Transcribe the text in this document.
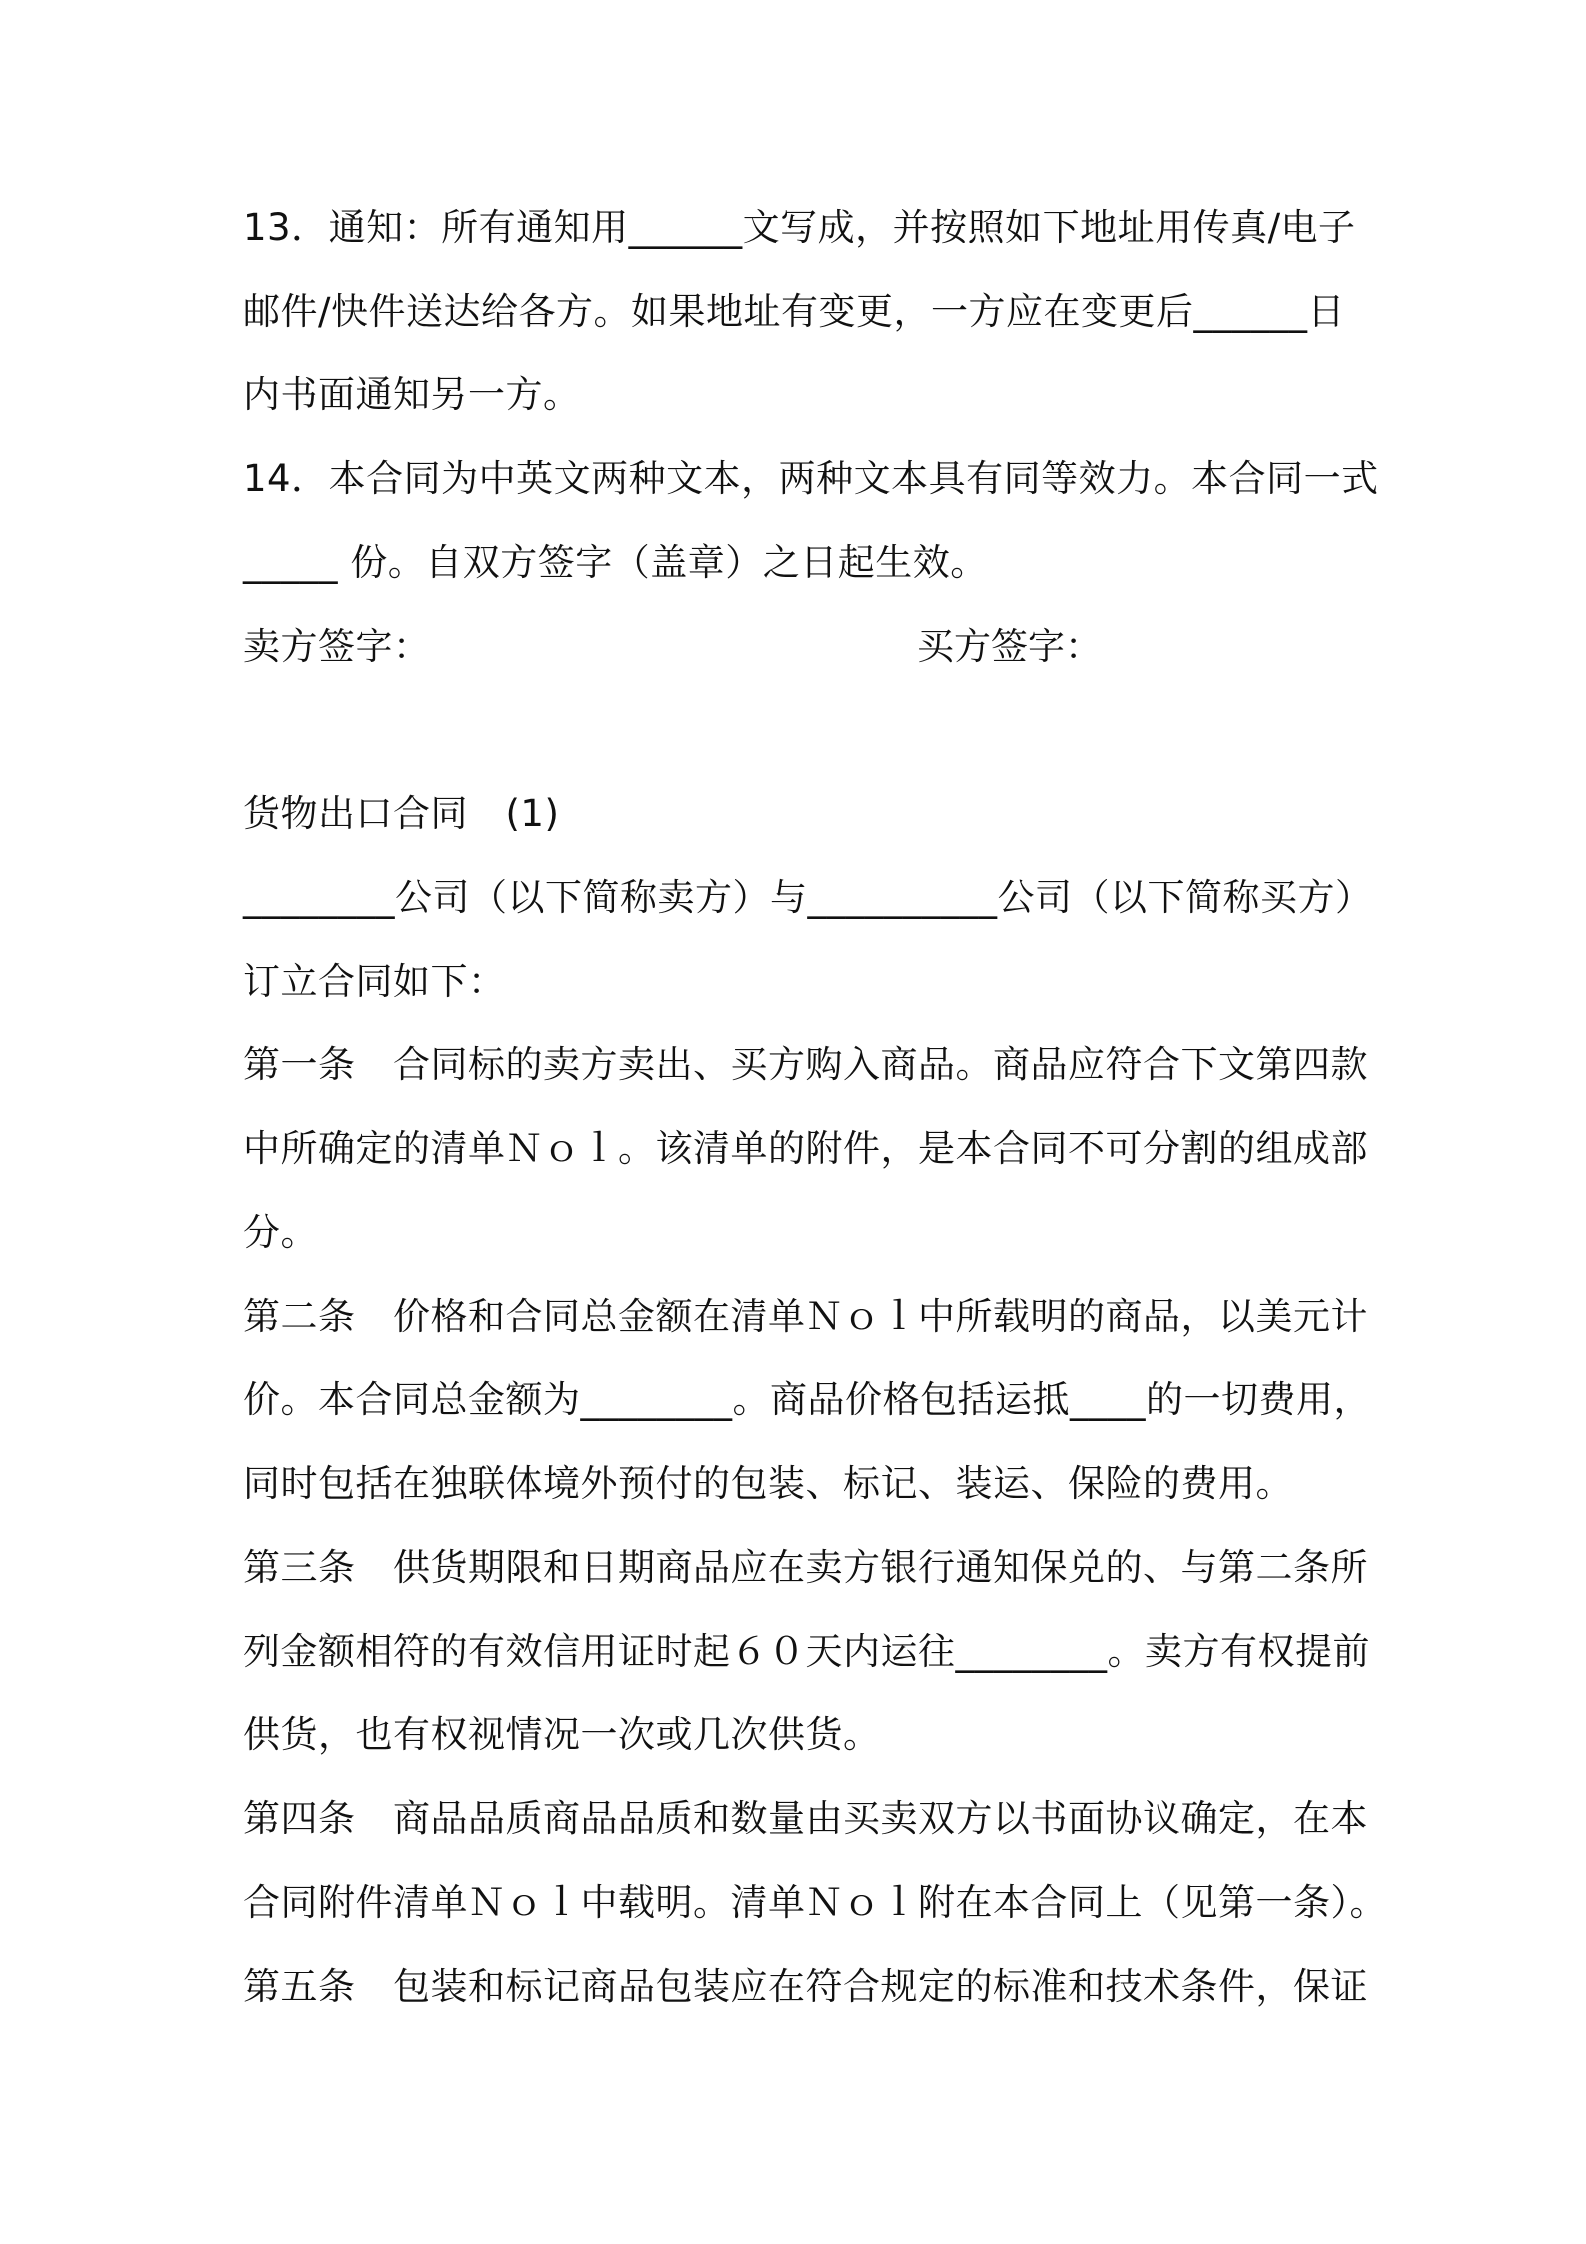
13．通知：所有通知用______文写成，并按照如下地址用传真/电子
邮件/快件送达给各方。如果地址有变更，一方应在变更后______日
内书面通知另一方。
14．本合同为中英文两种文本，两种文本具有同等效力。本合同一式
_____ 份。自双方签字（盖章）之日起生效。
卖方签字：	买方签字：
货物出口合同　(1)
________公司（以下简称卖方）与__________公司（以下简称买方）
订立合同如下：
第一条　合同标的卖方卖出、买方购入商品。商品应符合下文第四款
中所确定的清单Ｎｏｌ。该清单的附件，是本合同不可分割的组成部
分。
第二条　价格和合同总金额在清单Ｎｏｌ中所载明的商品，以美元计
价。本合同总金额为________。商品价格包括运抵____的一切费用，
同时包括在独联体境外预付的包装、标记、装运、保险的费用。
第三条　供货期限和日期商品应在卖方银行通知保兑的、与第二条所
列金额相符的有效信用证时起６０天内运往________。卖方有权提前
供货，也有权视情况一次或几次供货。
第四条　商品品质商品品质和数量由买卖双方以书面协议确定，在本
合同附件清单Ｎｏｌ中载明。清单Ｎｏｌ附在本合同上（见第一条）。
第五条　包装和标记商品包装应在符合规定的标准和技术条件，保证
